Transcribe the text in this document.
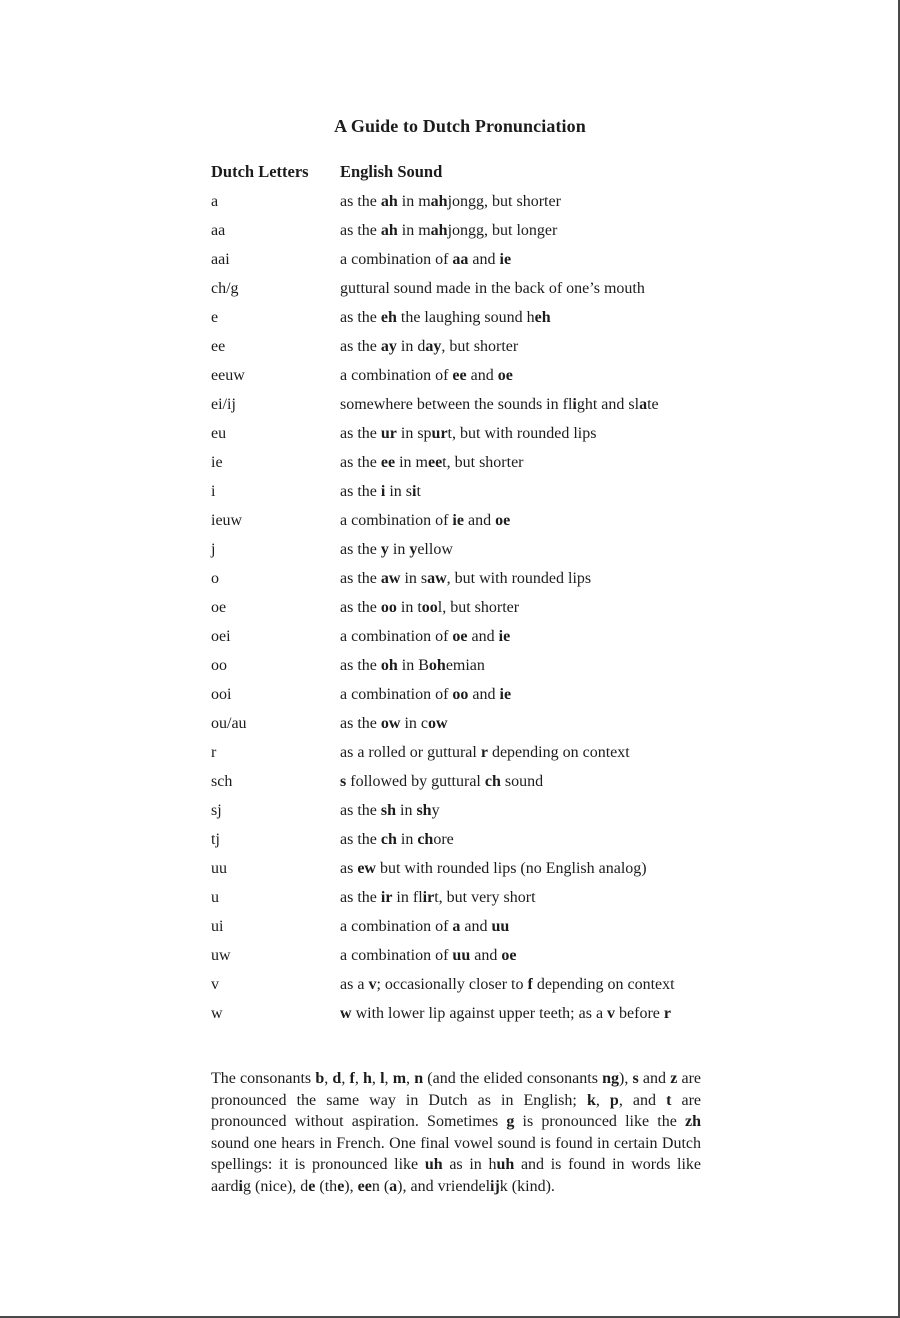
A Guide to Dutch Pronunciation
Dutch Letters English Sound
a	as the ah in mahjongg, but shorter
aa	as the ah in mahjongg, but longer
aai	a combination of aa and ie
ch/g	guttural sound made in the back of one’s mouth
e	as the eh the laughing sound heh
ee	as the ay in day, but shorter
eeuw	a combination of ee and oe
ei/ij	somewhere between the sounds in flight and slate
eu	as the ur in spurt, but with rounded lips
ie	as the ee in meet, but shorter
i	as the i in sit
ieuw	a combination of ie and oe
j	as the y in yellow
o	as the aw in saw, but with rounded lips
oe	as the oo in tool, but shorter
oei	a combination of oe and ie
oo	as the oh in Bohemian
ooi	a combination of oo and ie
ou/au	as the ow in cow
r	as a rolled or guttural r depending on context
sch	s followed by guttural ch sound
sj	as the sh in shy
tj	as the ch in chore
uu	as ew but with rounded lips (no English analog)
u	as the ir in flirt, but very short
ui	a combination of a and uu
uw	a combination of uu and oe
v	as a v; occasionally closer to f depending on context
w	w with lower lip against upper teeth; as a v before r

The consonants b, d, f, h, l, m, n (and the elided consonants ng), s and z are pronounced the same way in Dutch as in English; k, p, and t are pronounced without aspiration. Sometimes g is pronounced like the zh sound one hears in French. One final vowel sound is found in certain Dutch spellings: it is pronounced like uh as in huh and is found in words like aardig (nice), de (the), een (a), and vriendelijk (kind).
